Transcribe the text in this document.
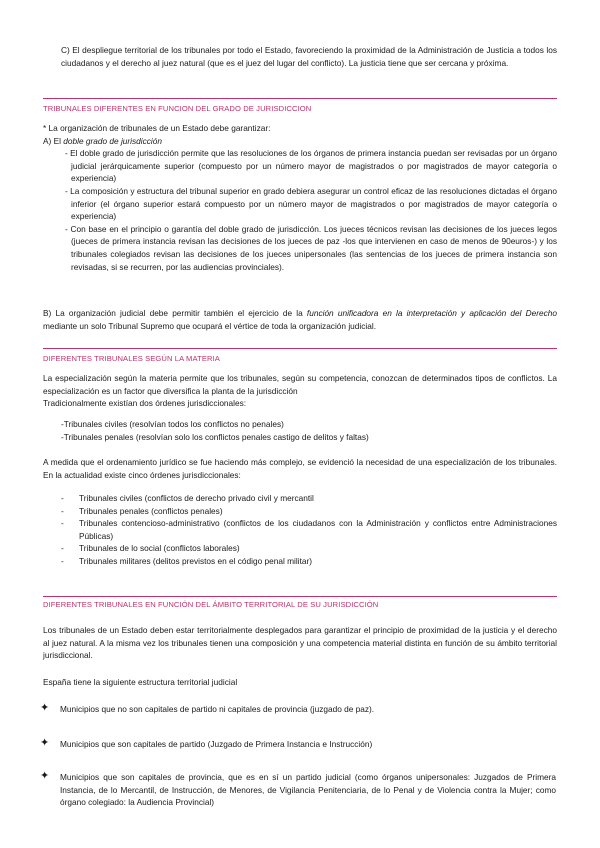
C) El despliegue territorial de los tribunales por todo el Estado, favoreciendo la proximidad de la Administración de Justicia a todos los ciudadanos y el derecho al juez natural (que es el juez del lugar del conflicto). La justicia tiene que ser cercana y próxima.

TRIBUNALES DIFERENTES EN FUNCION DEL GRADO DE JURISDICCION

* La organización de tribunales de un Estado debe garantizar:

A) El doble grado de jurisdicción

- El doble grado de jurisdicción permite que las resoluciones de los órganos de primera instancia puedan ser revisadas por un órgano judicial jerárquicamente superior (compuesto por un número mayor de magistrados o por magistrados de mayor categoría o experiencia)

- La composición y estructura del tribunal superior en grado debiera asegurar un control eficaz de las resoluciones dictadas el órgano inferior (el órgano superior estará compuesto por un número mayor de magistrados o por magistrados de mayor categoría o experiencia)

- Con base en el principio o garantía del doble grado de jurisdicción. Los jueces técnicos revisan las decisiones de los jueces legos (jueces de primera instancia revisan las decisiones de los jueces de paz -los que intervienen en caso de menos de 90euros-) y los tribunales colegiados revisan las decisiones de los jueces unipersonales (las sentencias de los jueces de primera instancia son revisadas, si se recurren, por las audiencias provinciales).

B) La organización judicial debe permitir también el ejercicio de la función unificadora en la interpretación y aplicación del Derecho mediante un solo Tribunal Supremo que ocupará el vértice de toda la organización judicial.

DIFERENTES TRIBUNALES SEGÚN LA MATERIA

La especialización según la materia permite que los tribunales, según su competencia, conozcan de determinados tipos de conflictos. La especialización es un factor que diversifica la planta de la jurisdicción

Tradicionalmente existían dos órdenes jurisdiccionales:

-Tribunales civiles (resolvían todos los conflictos no penales)

-Tribunales penales (resolvían solo los conflictos penales castigo de delitos y faltas)

A medida que el ordenamiento jurídico se fue haciendo más complejo, se evidenció la necesidad de una especialización de los tribunales. En la actualidad existe cinco órdenes jurisdiccionales:

- Tribunales civiles (conflictos de derecho privado civil y mercantil
- Tribunales penales (conflictos penales)
- Tribunales contencioso-administrativo (conflictos de los ciudadanos con la Administración y conflictos entre Administraciones Públicas)
- Tribunales de lo social (conflictos laborales)
- Tribunales militares (delitos previstos en el código penal militar)
DIFERENTES TRIBUNALES EN FUNCIÓN DEL ÁMBITO TERRITORIAL DE SU JURISDICCIÓN

Los tribunales de un Estado deben estar territorialmente desplegados para garantizar el principio de proximidad de la justicia y el derecho al juez natural. A la misma vez los tribunales tienen una composición y una competencia material distinta en función de su ámbito territorial jurisdiccional.

España tiene la siguiente estructura territorial judicial

✦ Municipios que no son capitales de partido ni capitales de provincia (juzgado de paz).

✦ Municipios que son capitales de partido (Juzgado de Primera Instancia e Instrucción)

✦ Municipios que son capitales de provincia, que es en sí un partido judicial (como órganos unipersonales: Juzgados de Primera Instancia, de lo Mercantil, de Instrucción, de Menores, de Vigilancia Penitenciaria, de lo Penal y de Violencia contra la Mujer; como órgano colegiado: la Audiencia Provincial)
